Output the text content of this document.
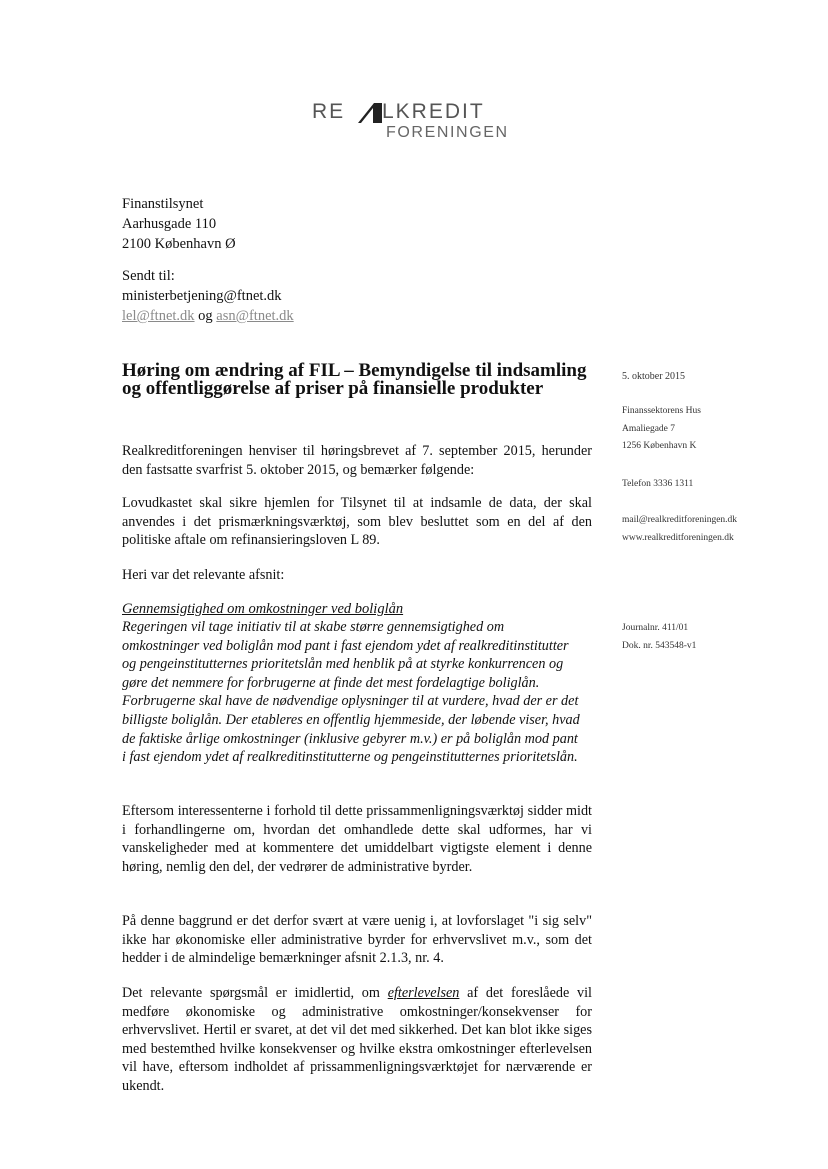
RE LKREDIT
FORENINGEN
Finanstilsynet
Aarhusgade 110
2100 København Ø
Sendt til:
ministerbetjening@ftnet.dk
lel@ftnet.dk og asn@ftnet.dk
Høring om ændring af FIL – Bemyndigelse til indsamling og offentliggørelse af priser på finansielle produkter
Realkreditforeningen henviser til høringsbrevet af 7. september 2015, herunder den fastsatte svarfrist 5. oktober 2015, og bemærker følgende:
Lovudkastet skal sikre hjemlen for Tilsynet til at indsamle de data, der skal anvendes i det prismærkningsværktøj, som blev besluttet som en del af den politiske aftale om refinansieringsloven L 89.
Heri var det relevante afsnit:
Gennemsigtighed om omkostninger ved boliglån
Regeringen vil tage initiativ til at skabe større gennemsigtighed om omkostninger ved boliglån mod pant i fast ejendom ydet af realkreditinstitutter og pengeinstitutternes prioritetslån med henblik på at styrke konkurrencen og gøre det nemmere for forbrugerne at finde det mest fordelagtige boliglån. Forbrugerne skal have de nødvendige oplysninger til at vurdere, hvad der er det billigste boliglån. Der etableres en offentlig hjemmeside, der løbende viser, hvad de faktiske årlige omkostninger (inklusive gebyrer m.v.) er på boliglån mod pant i fast ejendom ydet af realkreditinstitutterne og pengeinstitutternes prioritetslån.
Eftersom interessenterne i forhold til dette prissammenligningsværktøj sidder midt i forhandlingerne om, hvordan det omhandlede dette skal udformes, har vi vanskeligheder med at kommentere det umiddelbart vigtigste element i denne høring, nemlig den del, der vedrører de administrative byrder.
På denne baggrund er det derfor svært at være uenig i, at lovforslaget "i sig selv" ikke har økonomiske eller administrative byrder for erhvervslivet m.v., som det hedder i de almindelige bemærkninger afsnit 2.1.3, nr. 4.
Det relevante spørgsmål er imidlertid, om efterlevelsen af det foreslåede vil medføre økonomiske og administrative omkostninger/konsekvenser for erhvervslivet. Hertil er svaret, at det vil det med sikkerhed. Det kan blot ikke siges med bestemthed hvilke konsekvenser og hvilke ekstra omkostninger efterlevelsen vil have, eftersom indholdet af prissammenligningsværktøjet for nærværende er ukendt.
5. oktober 2015
Finanssektorens Hus
Amaliegade 7
1256 København K
Telefon 3336 1311
mail@realkreditforeningen.dk
www.realkreditforeningen.dk
Journalnr. 411/01
Dok. nr. 543548-v1
